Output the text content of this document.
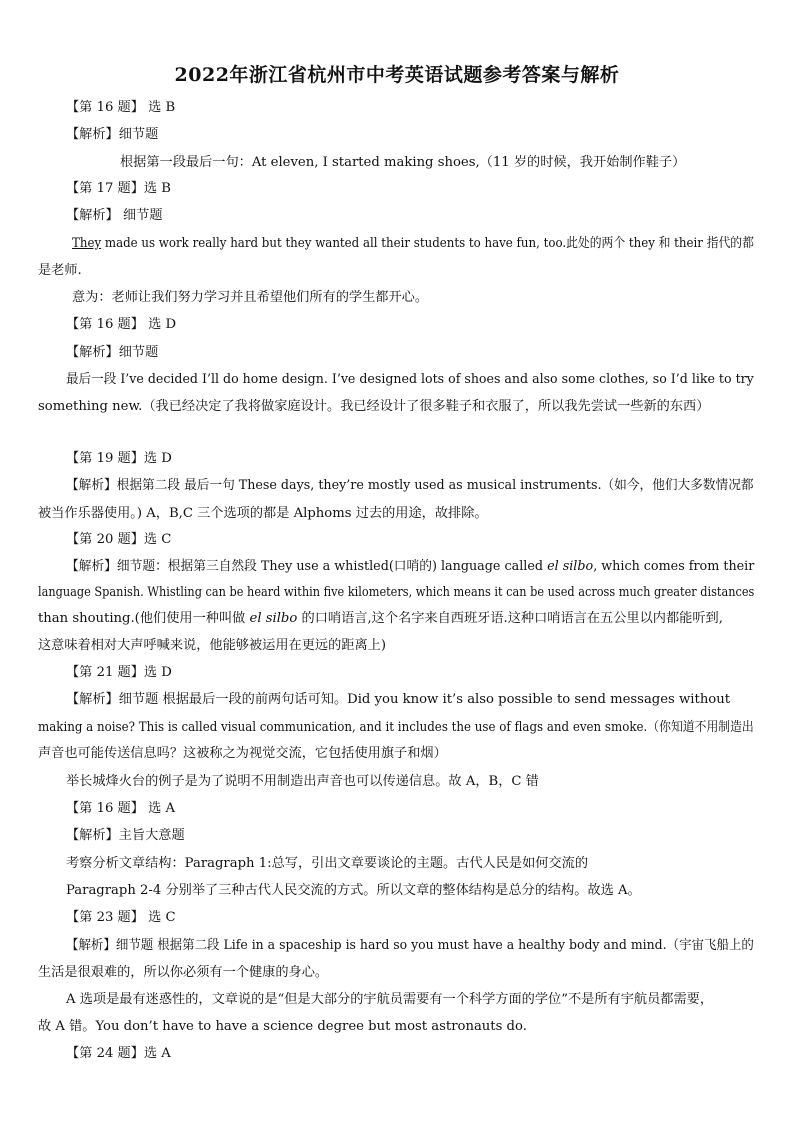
2022年浙江省杭州市中考英语试题参考答案与解析
【第 16 题】 选 B
【解析】细节题
根据第一段最后一句：At eleven, I started making shoes,（11 岁的时候，我开始制作鞋子）
【第 17 题】选 B
【解析】 细节题
They made us work really hard but they wanted all their students to have fun, too.此处的两个 they 和 their 指代的都
是老师.
意为：老师让我们努力学习并且希望他们所有的学生都开心。
【第 16 题】 选 D
【解析】细节题
最后一段 I’ve decided I’ll do home design. I’ve designed lots of shoes and also some clothes, so I’d like to try
something new.（我已经决定了我将做家庭设计。我已经设计了很多鞋子和衣服了，所以我先尝试一些新的东西）
【第 19 题】选 D
【解析】根据第二段 最后一句 These days, they’re mostly used as musical instruments.（如今，他们大多数情况都
被当作乐器使用。) A，B,C 三个选项的都是 Alphoms 过去的用途，故排除。
【第 20 题】选 C
【解析】细节题：根据第三自然段 They use a whistled(口哨的) language called el silbo, which comes from their
language Spanish. Whistling can be heard within five kilometers, which means it can be used across much greater distances
than shouting.(他们使用一种叫做 el silbo 的口哨语言,这个名字来自西班牙语.这种口哨语言在五公里以内都能听到,
这意味着相对大声呼喊来说，他能够被运用在更远的距离上)
【第 21 题】选 D
【解析】细节题 根据最后一段的前两句话可知。Did you know it’s also possible to send messages without
making a noise? This is called visual communication, and it includes the use of flags and even smoke.（你知道不用制造出
声音也可能传送信息吗？这被称之为视觉交流，它包括使用旗子和烟）
举长城烽火台的例子是为了说明不用制造出声音也可以传递信息。故 A，B，C 错
【第 16 题】 选 A
【解析】主旨大意题
考察分析文章结构：Paragraph 1:总写，引出文章要谈论的主题。古代人民是如何交流的
Paragraph 2-4 分别举了三种古代人民交流的方式。所以文章的整体结构是总分的结构。故选 A。
【第 23 题】 选 C
【解析】细节题 根据第二段 Life in a spaceship is hard so you must have a healthy body and mind.（宇宙飞船上的
生活是很艰难的，所以你必须有一个健康的身心。
A 选项是最有迷惑性的，文章说的是“但是大部分的宇航员需要有一个科学方面的学位”不是所有宇航员都需要，
故 A 错。You don’t have to have a science degree but most astronauts do.
【第 24 题】选 A
